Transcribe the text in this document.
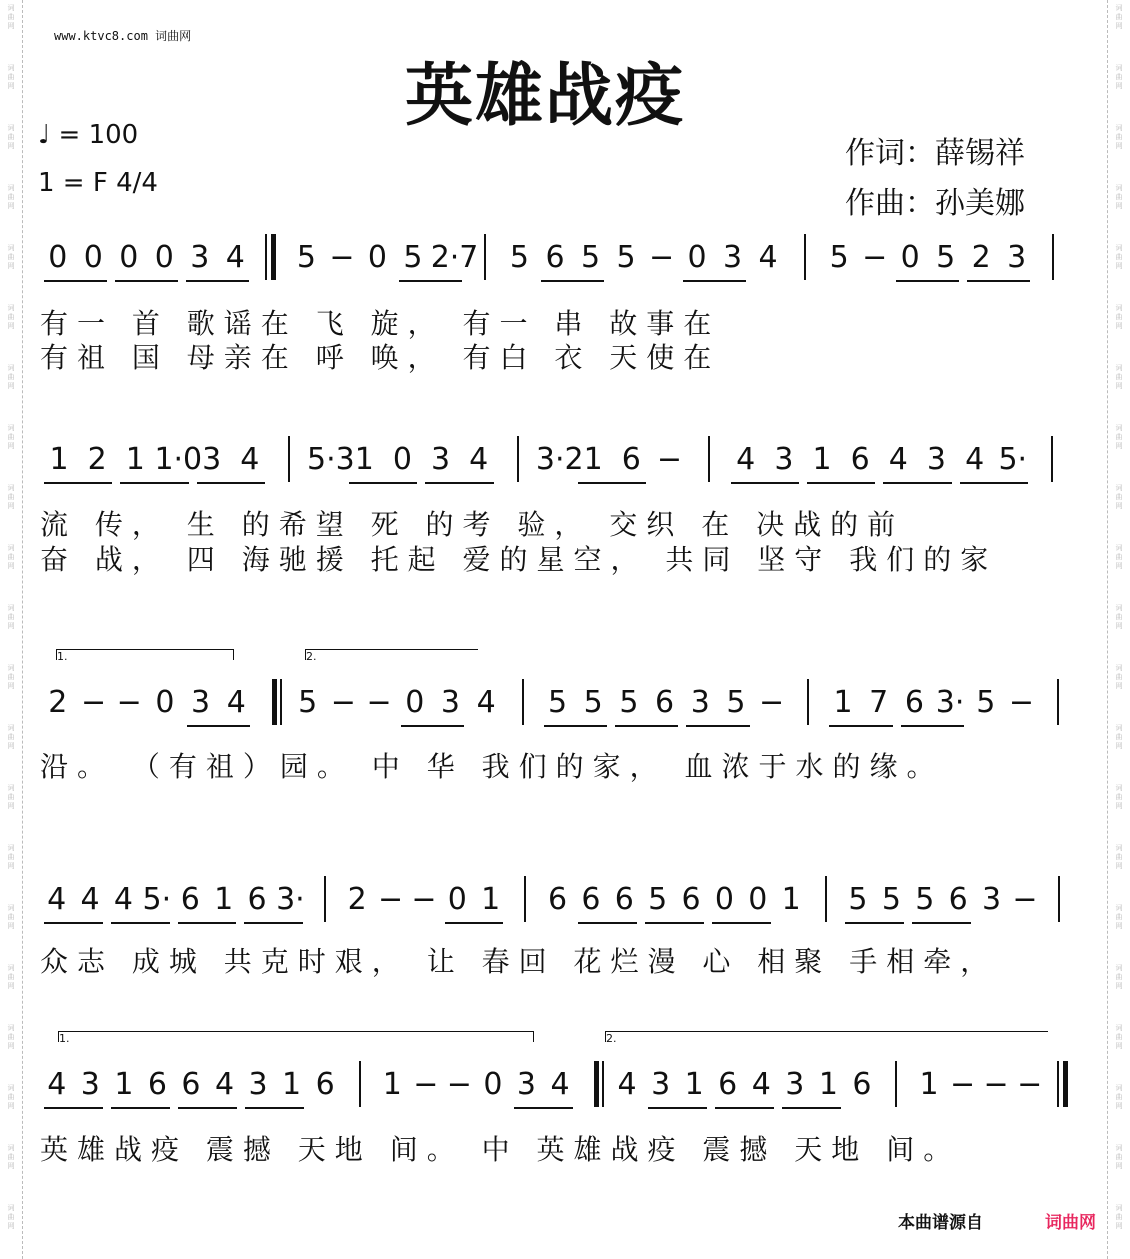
词
曲
网
词
曲
网
词
曲
网
词
曲
网
词
曲
网
词
曲
网
词
曲
网
词
曲
网
词
曲
网
词
曲
网
词
曲
网
词
曲
网
词
曲
网
词
曲
网
词
曲
网
词
曲
网
词
曲
网
词
曲
网
词
曲
网
词
曲
网
词
曲
网
词
曲
网
词
曲
网
词
曲
网
词
曲
网
词
曲
网
词
曲
网
词
曲
网
词
曲
网
词
曲
网
词
曲
网
词
曲
网
词
曲
网
词
曲
网
词
曲
网
词
曲
网
词
曲
网
词
曲
网
词
曲
网
词
曲
网
词
曲
网
词
曲
网
www.ktvc8.com 词曲网
英雄战疫
♩ = 100
1 = F 4/4
作词：薛锡祥
作曲：孙美娜
0 0 0 0 3 4 5 − 0 5 2·7 5 6 5 5 − 0 3 4 5 − 0 5 2 3
有一 首 歌谣在 飞 旋， 有一 串 故事在
有祖 国 母亲在 呼 唤， 有白 衣 天使在
1 2 1 1·0 3 4	5·3 1 0 3 4	3·2 1 6 −	4 3 1 6 4 3 4 5·
流 传， 生 的希望 死 的考 验， 交织 在 决战的前
奋 战， 四 海驰援 托起 爱的星空， 共同 坚守 我们的家
2 − − 0 3 4 5 − − 0 3 4 5 5 5 6 3 5 − 1 7 6 3· 5 −
1.	2.
沿。 （有祖）园。 中 华 我们的家， 血浓于水的缘。
4 4 4 5· 6 1 6 3· 2 − − 0 1 6 6 6 5 6 0 0 1 5 5 5 6 3 −
众志 成城 共克时艰， 让 春回 花烂漫 心 相聚 手相牵，
4 3 1 6 6 4 3 1 6 1 − − 0 3 4 4 3 1 6 4 3 1 6 1 − − −
1.	2.
英雄战疫 震撼 天地 间。 中 英雄战疫 震撼 天地 间。
本曲谱源自	词曲网
